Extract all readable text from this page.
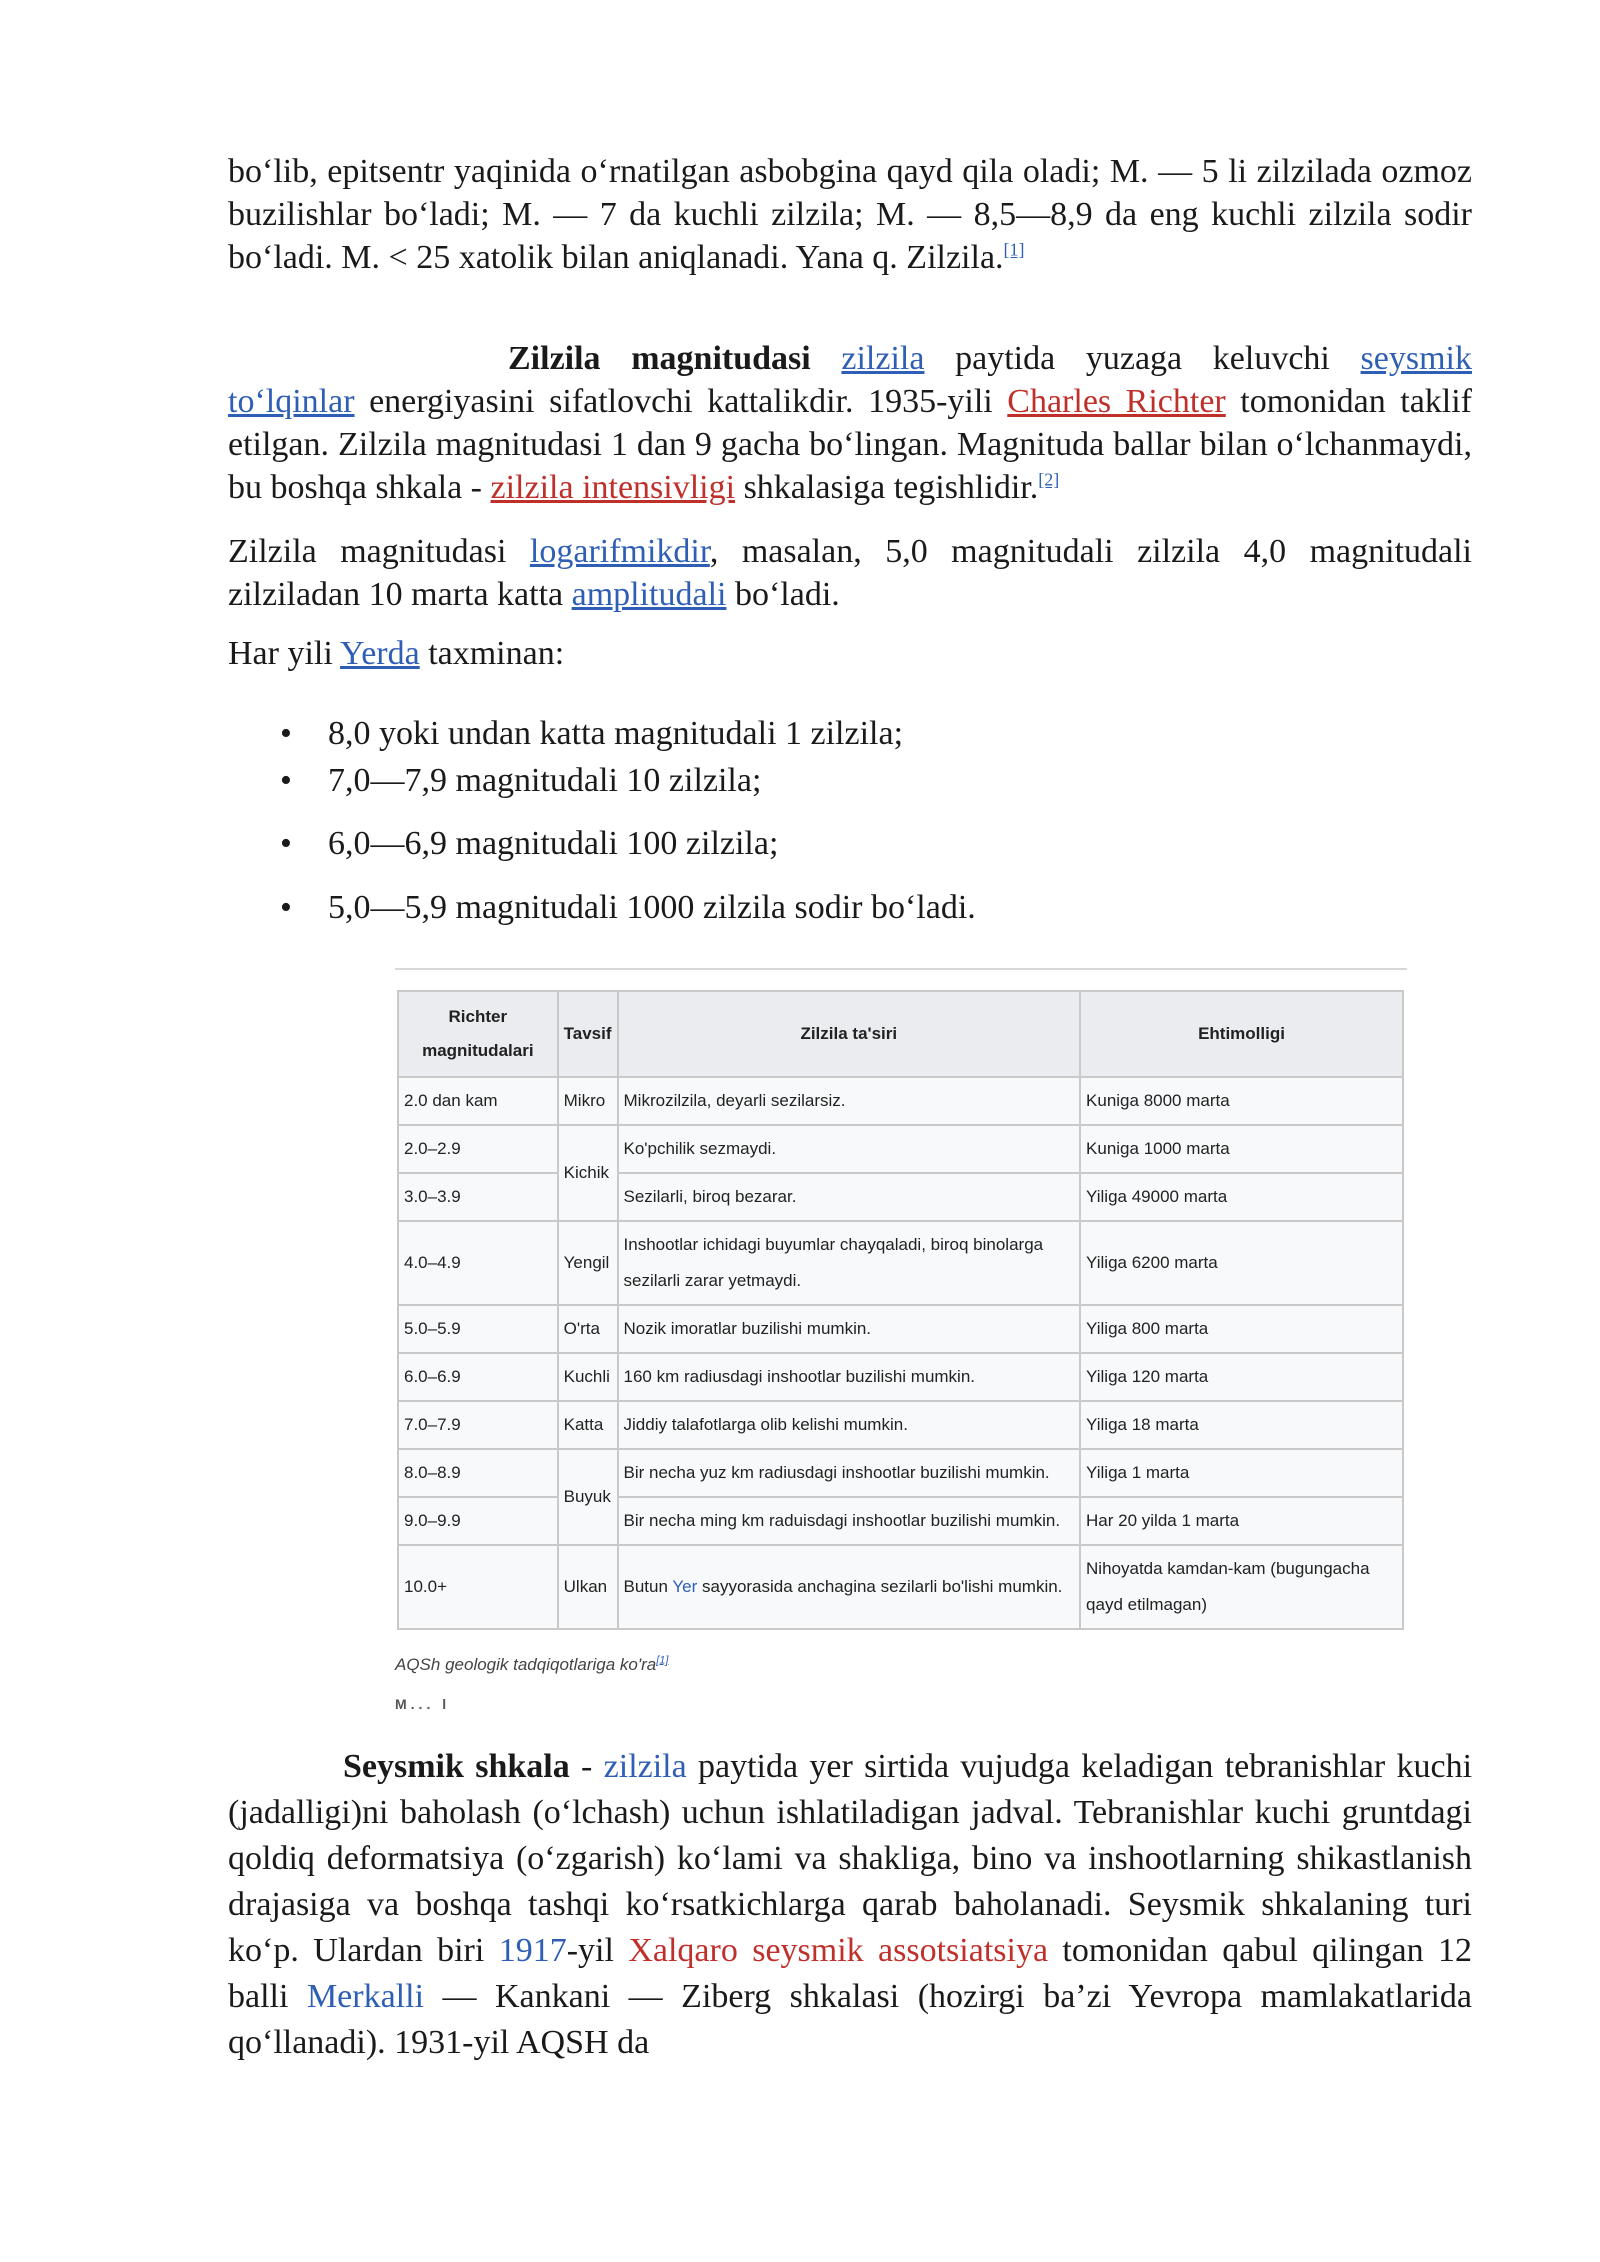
bo‘lib, epitsentr yaqinida o‘rnatilgan asbobgina qayd qila oladi; M. — 5 li zilzilada ozmoz buzilishlar bo‘ladi; M. — 7 da kuchli zilzila; M. — 8,5—8,9 da eng kuchli zilzila sodir bo‘ladi. M. < 25 xatolik bilan aniqlanadi. Yana q. Zilzila.[1]

Zilzila magnitudasi zilzila paytida yuzaga keluvchi seysmik to‘lqinlar energiyasini sifatlovchi kattalikdir. 1935-yili Charles Richter tomonidan taklif etilgan. Zilzila magnitudasi 1 dan 9 gacha bo‘lingan. Magnituda ballar bilan o‘lchanmaydi, bu boshqa shkala - zilzila intensivligi shkalasiga tegishlidir.[2]

Zilzila magnitudasi logarifmikdir, masalan, 5,0 magnitudali zilzila 4,0 magnitudali zilziladan 10 marta katta amplitudali bo‘ladi.

Har yili Yerda taxminan:

• 8,0 yoki undan katta magnitudali 1 zilzila;
• 7,0—7,9 magnitudali 10 zilzila;
• 6,0—6,9 magnitudali 100 zilzila;
• 5,0—5,9 magnitudali 1000 zilzila sodir bo‘ladi.

Seysmik shkala - zilzila paytida yer sirtida vujudga keladigan tebranishlar kuchi (jadalligi)ni baholash (o‘lchash) uchun ishlatiladigan jadval. Tebranishlar kuchi gruntdagi qoldiq deformatsiya (o‘zgarish) ko‘lami va shakliga, bino va inshootlarning shikastlanish drajasiga va boshqa tashqi ko‘rsatkichlarga qarab baholanadi. Seysmik shkalaning turi ko‘p. Ulardan biri 1917-yil Xalqaro seysmik assotsiatsiya tomonidan qabul qilingan 12 balli Merkalli — Kankani — Ziberg shkalasi (hozirgi ba’zi Yevropa mamlakatlarida qo‘llanadi). 1931-yil AQSH da

Richter magnitudalari	Tavsif	Zilzila ta'siri	Ehtimolligi
2.0 dan kam	Mikro	Mikrozilzila, deyarli sezilarsiz.	Kuniga 8000 marta
2.0–2.9	Kichik	Ko'pchilik sezmaydi.	Kuniga 1000 marta
3.0–3.9		Sezilarli, biroq bezarar.	Yiliga 49000 marta
4.0–4.9	Yengil	Inshootlar ichidagi buyumlar chayqaladi, biroq binolarga sezilarli zarar yetmaydi.	Yiliga 6200 marta
5.0–5.9	O'rta	Nozik imoratlar buzilishi mumkin.	Yiliga 800 marta
6.0–6.9	Kuchli	160 km radiusdagi inshootlar buzilishi mumkin.	Yiliga 120 marta
7.0–7.9	Katta	Jiddiy talafotlarga olib kelishi mumkin.	Yiliga 18 marta
8.0–8.9	Buyuk	Bir necha yuz km radiusdagi inshootlar buzilishi mumkin.	Yiliga 1 marta
9.0–9.9		Bir necha ming km raduisdagi inshootlar buzilishi mumkin.	Har 20 yilda 1 marta
10.0+	Ulkan	Butun Yer sayyorasida anchagina sezilarli bo'lishi mumkin.	Nihoyatda kamdan-kam (bugungacha qayd etilmagan)
AQSh geologik tadqiqotlariga ko'ra[1]
M... l
